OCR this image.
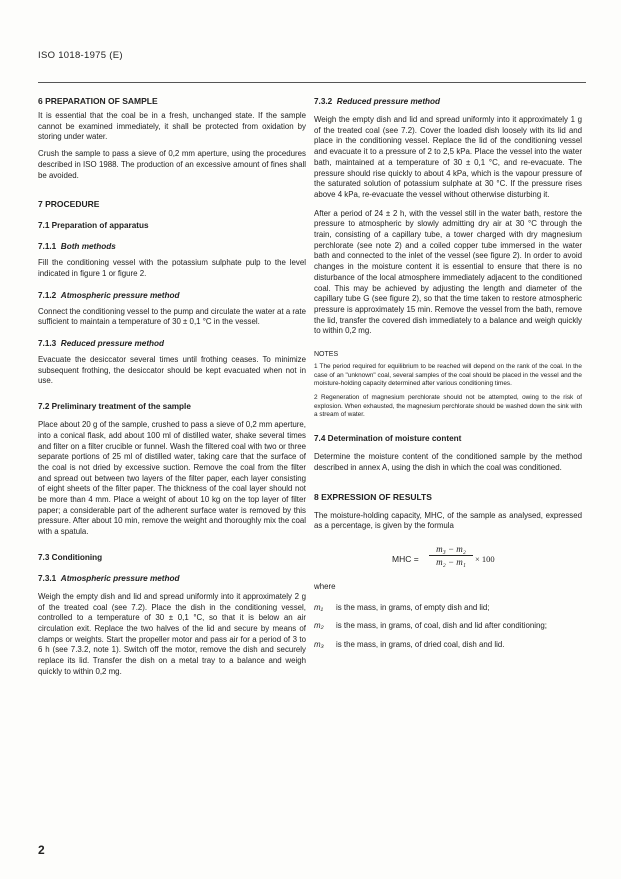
ISO 1018-1975 (E)
6 PREPARATION OF SAMPLE

It is essential that the coal be in a fresh, unchanged state. If the sample cannot be examined immediately, it shall be protected from oxidation by storing under water.

Crush the sample to pass a sieve of 0,2 mm aperture, using the procedures described in ISO 1988. The production of an excessive amount of fines shall be avoided.

7 PROCEDURE
7.1 Preparation of apparatus
7.1.1 Both methods

Fill the conditioning vessel with the potassium sulphate pulp to the level indicated in figure 1 or figure 2.

7.1.2 Atmospheric pressure method

Connect the conditioning vessel to the pump and circulate the water at a rate sufficient to maintain a temperature of 30 ± 0,1 °C in the vessel.

7.1.3 Reduced pressure method

Evacuate the desiccator several times until frothing ceases. To minimize subsequent frothing, the desiccator should be kept evacuated when not in use.

7.2 Preliminary treatment of the sample

Place about 20 g of the sample, crushed to pass a sieve of 0,2 mm aperture, into a conical flask, add about 100 ml of distilled water, shake several times and filter on a filter crucible or funnel. Wash the filtered coal with two or three separate portions of 25 ml of distilled water, taking care that the surface of the coal is not dried by excessive suction. Remove the coal from the filter and spread out between two layers of the filter paper, each layer consisting of eight sheets of the filter paper. The thickness of the coal layer should not be more than 4 mm. Place a weight of about 10 kg on the top layer of filter paper; a considerable part of the adherent surface water is removed by this pressure. After about 10 min, remove the weight and thoroughly mix the coal with a spatula.

7.3 Conditioning
7.3.1 Atmospheric pressure method

Weigh the empty dish and lid and spread uniformly into it approximately 2 g of the treated coal (see 7.2). Place the dish in the conditioning vessel, controlled to a temperature of 30 ± 0,1 °C, so that it is below an air circulation exit. Replace the two halves of the lid and secure by means of clamps or weights. Start the propeller motor and pass air for a period of 3 to 6 h (see 7.3.2, note 1). Switch off the motor, remove the dish and securely replace its lid. Transfer the dish on a metal tray to a balance and weigh quickly to within 0,2 mg.

7.3.2 Reduced pressure method

Weigh the empty dish and lid and spread uniformly into it approximately 1 g of the treated coal (see 7.2). Cover the loaded dish loosely with its lid and place in the conditioning vessel. Replace the lid of the conditioning vessel and evacuate it to a pressure of 2 to 2,5 kPa. Place the vessel into the water bath, maintained at a temperature of 30 ± 0,1 °C, and re-evacuate. The pressure should rise quickly to about 4 kPa, which is the vapour pressure of the saturated solution of potassium sulphate at 30 °C. If the pressure rises above 4 kPa, re-evacuate the vessel without otherwise disturbing it.

After a period of 24 ± 2 h, with the vessel still in the water bath, restore the pressure to atmospheric by slowly admitting dry air at 30 °C through the train, consisting of a capillary tube, a tower charged with dry magnesium perchlorate (see note 2) and a coiled copper tube immersed in the water bath and connected to the inlet of the vessel (see figure 2). In order to avoid changes in the moisture content it is essential to ensure that there is no disturbance of the local atmosphere immediately adjacent to the conditioned coal. This may be achieved by adjusting the length and diameter of the capillary tube G (see figure 2), so that the time taken to restore atmospheric pressure is approximately 15 min. Remove the vessel from the bath, remove the lid, transfer the covered dish immediately to a balance and weigh quickly to within 0,2 mg.

NOTES

1 The period required for equilibrium to be reached will depend on the rank of the coal. In the case of an "unknown" coal, several samples of the coal should be placed in the vessel and the moisture-holding capacity determined after various conditioning times.

2 Regeneration of magnesium perchlorate should not be attempted, owing to the risk of explosion. When exhausted, the magnesium perchlorate should be washed down the sink with a stream of water.

7.4 Determination of moisture content

Determine the moisture content of the conditioned sample by the method described in annex A, using the dish in which the coal was conditioned.

8 EXPRESSION OF RESULTS

The moisture-holding capacity, MHC, of the sample as analysed, expressed as a percentage, is given by the formula

MHC = $\frac{\text{m₃ − m₂}}{\text{m₂ − m₁}} \times 100$

where

m₁	is the mass, in grams, of empty dish and lid;
m₂	is the mass, in grams, of coal, dish and lid after conditioning;
m₃	is the mass, in grams, of dried coal, dish and lid.
2
